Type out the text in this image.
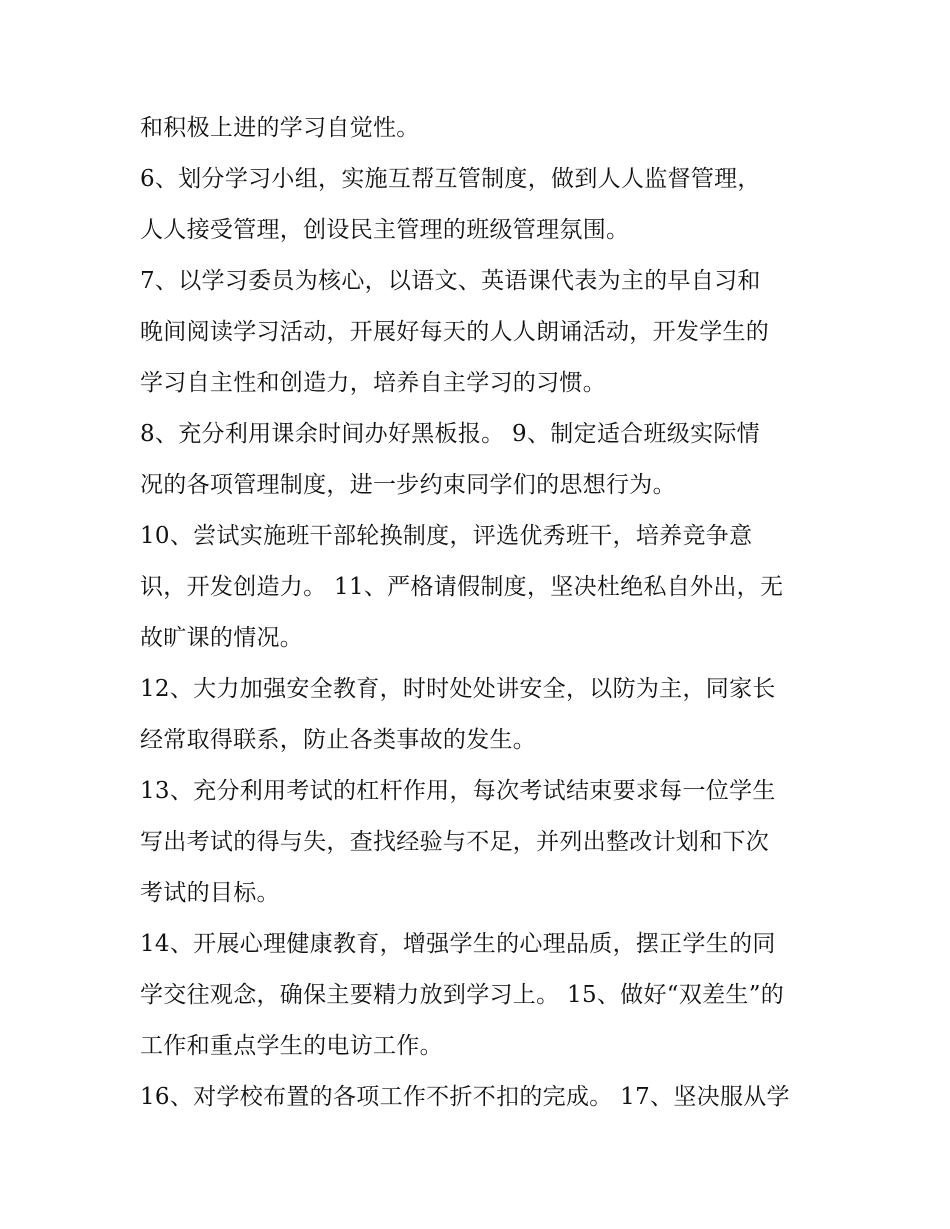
和积极上进的学习自觉性。
6、划分学习小组，实施互帮互管制度，做到人人监督管理，
人人接受管理，创设民主管理的班级管理氛围。
7、以学习委员为核心，以语文、英语课代表为主的早自习和
晚间阅读学习活动，开展好每天的人人朗诵活动，开发学生的
学习自主性和创造力，培养自主学习的习惯。
8、充分利用课余时间办好黑板报。 9、制定适合班级实际情
况的各项管理制度，进一步约束同学们的思想行为。
10、尝试实施班干部轮换制度，评选优秀班干，培养竞争意
识，开发创造力。 11、严格请假制度，坚决杜绝私自外出，无
故旷课的情况。
12、大力加强安全教育，时时处处讲安全，以防为主，同家长
经常取得联系，防止各类事故的发生。
13、充分利用考试的杠杆作用，每次考试结束要求每一位学生
写出考试的得与失，查找经验与不足，并列出整改计划和下次
考试的目标。
14、开展心理健康教育，增强学生的心理品质，摆正学生的同
学交往观念，确保主要精力放到学习上。 15、做好“双差生”的
工作和重点学生的电访工作。
16、对学校布置的各项工作不折不扣的完成。 17、坚决服从学
